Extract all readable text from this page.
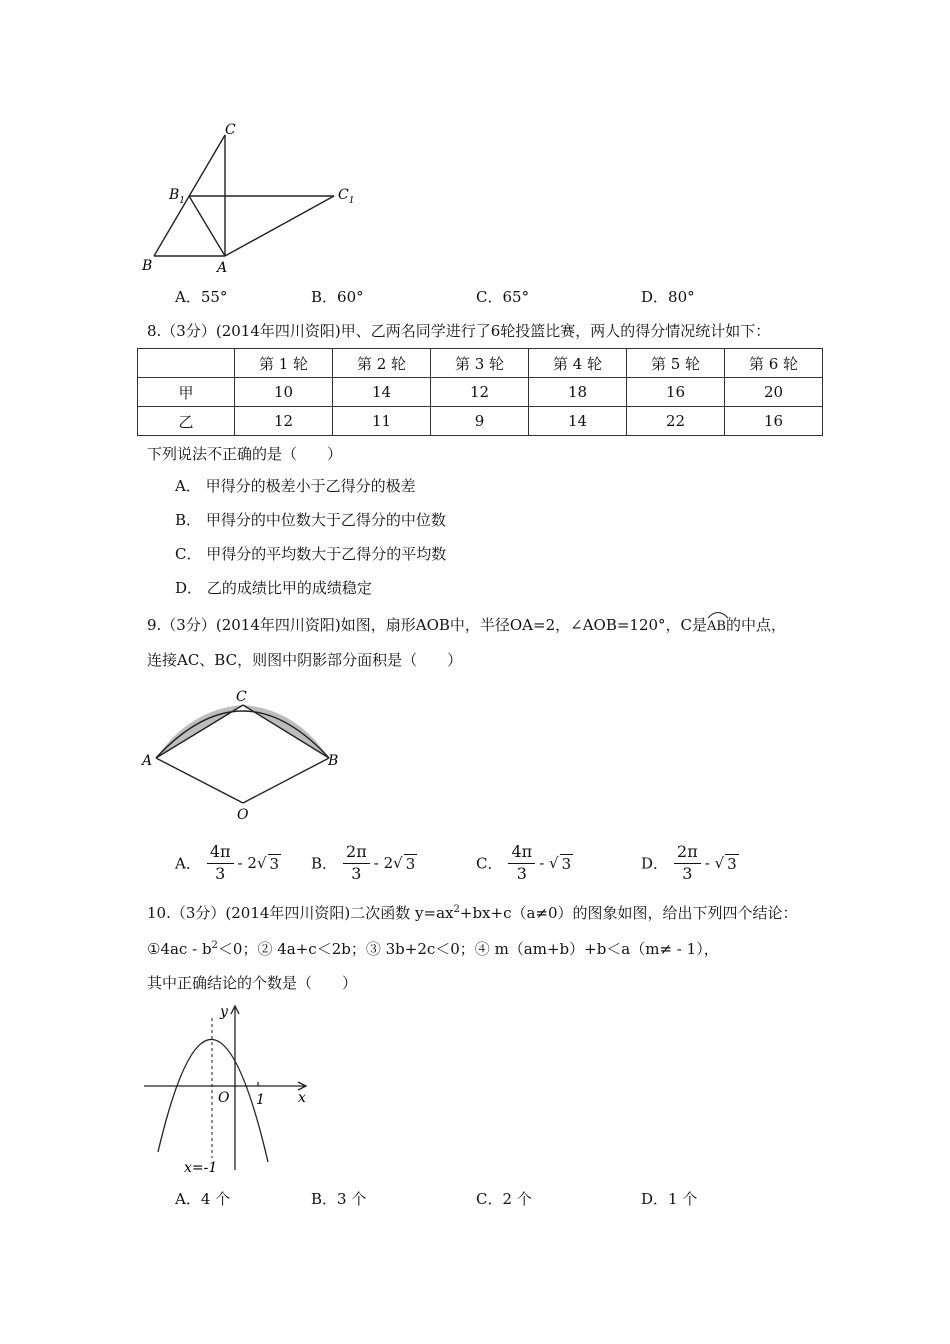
C
$B_1$	$C_1$
B	A
A．55°	B．60°	C．65°	D．80°
8.（3分）(2014年四川资阳)甲、乙两名同学进行了6轮投篮比赛，两人的得分情况统计如下：
	第 1 轮	第 2 轮	第 3 轮	第 4 轮	第 5 轮	第 6 轮
甲	10	14	12	18	16	20
乙	12	11	9	14	22	16
下列说法不正确的是（　　）
A． 甲得分的极差小于乙得分的极差
B． 甲得分的中位数大于乙得分的中位数
C． 甲得分的平均数大于乙得分的平均数
D． 乙的成绩比甲的成绩稳定
9.（3分）(2014年四川资阳)如图，扇形AOB中，半径OA=2，∠AOB=120°，C是
AB的中点，
连接AC、BC，则图中阴影部分面积是（　　）
C
A	B
O
A． $\frac{4\pi}{3} - 2√$ 3 B． $\frac{2\pi}{3} - 2√$ 3	C． $\frac{4\pi}{3}$ - √ 3	D． $\frac{2\pi}{3}$ - √ 3
10.（3分）(2014年四川资阳)二次函数 $y=ax^2+bx+c(a\ne 0)$的图象如图，给出下列四个结论：
①4ac - $b^2<0$；② 4a+c＜2b；③ 3b+2c＜0；④ m（am+b）+b＜a（m≠ - 1），
其中正确结论的个数是（　　）
y
x
O 1
x=-1
A．4 个	B．3 个	C．2 个	D．1 个
